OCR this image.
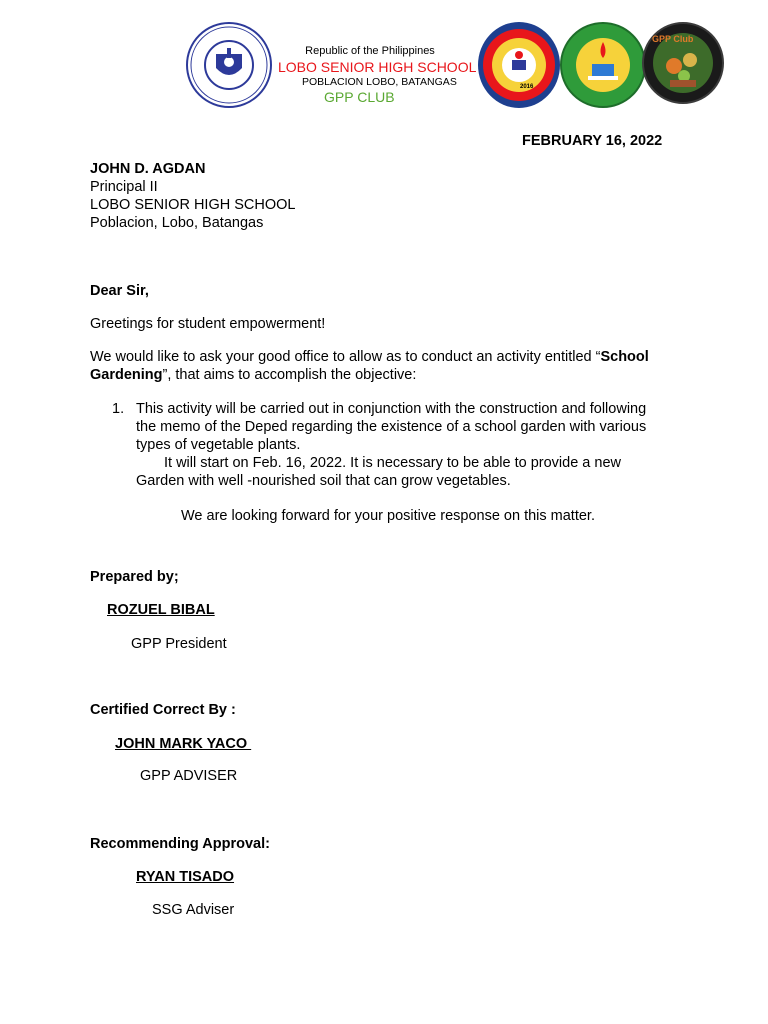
Republic of the Philippines
LOBO SENIOR HIGH SCHOOL
POBLACION LOBO, BATANGAS
GPP CLUB
2016
GPP Club
FEBRUARY 16, 2022
JOHN D. AGDAN
Principal II
LOBO SENIOR HIGH SCHOOL
Poblacion, Lobo, Batangas
Dear Sir,
Greetings for student empowerment!
We would like to ask your good office to allow as to conduct an activity entitled “School
Gardening”, that aims to accomplish the objective:
1. This activity will be carried out in conjunction with the construction and following
the memo of the Deped regarding the existence of a school garden with various
types of vegetable plants.
It will start on Feb. 16, 2022. It is necessary to be able to provide a new
Garden with well -nourished soil that can grow vegetables.
We are looking forward for your positive response on this matter.
Prepared by;
ROZUEL BIBAL
GPP President
Certified Correct By :
JOHN MARK YACO
GPP ADVISER
Recommending Approval:
RYAN TISADO
SSG Adviser
